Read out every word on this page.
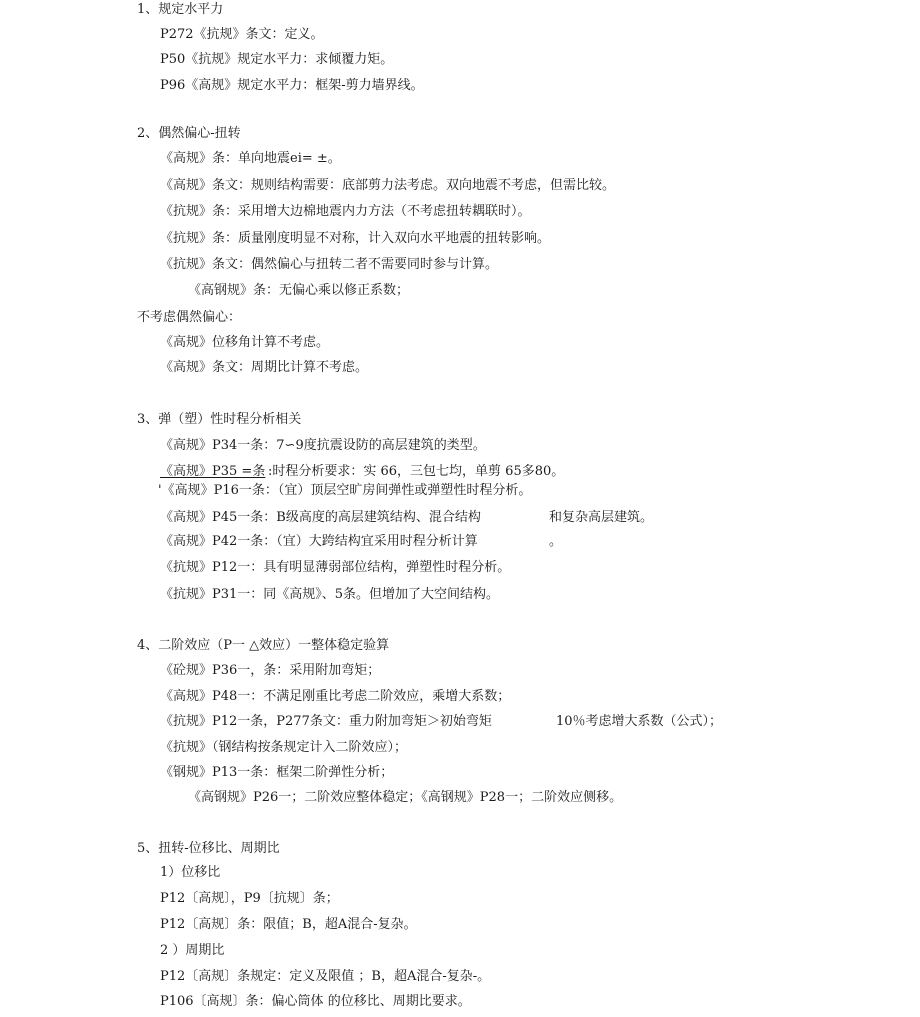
1、规定水平力
P272《抗规》条文：定义。
P50《抗规》规定水平力：求倾覆力矩。
P96《高规》规定水平力：框架-剪力墙界线。
2、偶然偏心-扭转
《高规》条：单向地震ei= ±。
《高规》条文：规则结构需要：底部剪力法考虑。双向地震不考虑，但需比较。
《抗规》条：采用增大边棉地震内力方法（不考虑扭转耦联时）。
《抗规》条：质量刚度明显不对称，计入双向水平地震的扭转影响。
《抗规》条文：偶然偏心与扭转二者不需要同时参与计算。
《高钢规》条：无偏心乘以修正系数；
不考虑偶然偏心：
《高规》位移角计算不考虑。
《高规》条文：周期比计算不考虑。
3、弹（塑）性时程分析相关
《高规》P34一条：7∽9度抗震设防的高层建筑的类型。
《高规》P35 =条 :时程分析要求：实 66，三包七均，单剪 65多80。
'《高规》P16一条：（宜）顶层空旷房间弹性或弹塑性时程分析。
《高规》P45一条：B级高度的高层建筑结构、混合结构	和复杂高层建筑。
《高规》P42一条：（宜）大跨结构宜采用时程分析计算	。
《抗规》P12一：具有明显薄弱部位结构，弹塑性时程分析。
《抗规》P31一：同《高规》、5条。但增加了大空间结构。
4、二阶效应（P一 △效应）一整体稳定验算
《砼规》P36一，条：采用附加弯矩；
《高规》P48一：不满足刚重比考虑二阶效应，乘增大系数；
《抗规》P12一条，P277条文：重力附加弯矩＞初始弯矩	10％考虑增大系数（公式）；
《抗规》（钢结构按条规定计入二阶效应）；
《钢规》P13一条：框架二阶弹性分析；
《高钢规》P26一；二阶效应整体稳定；《高钢规》P28一；二阶效应侧移。
5、扭转-位移比、周期比
1）位移比
P12〔高规〕，P9〔抗规〕条；
P12〔高规〕条：限值；B，超A混合-复杂。
2 ）周期比
P12〔高规〕条规定：定义及限值 ；B，超A混合-复杂-。
P106〔高规〕条：偏心筒体 的位移比、周期比要求。
